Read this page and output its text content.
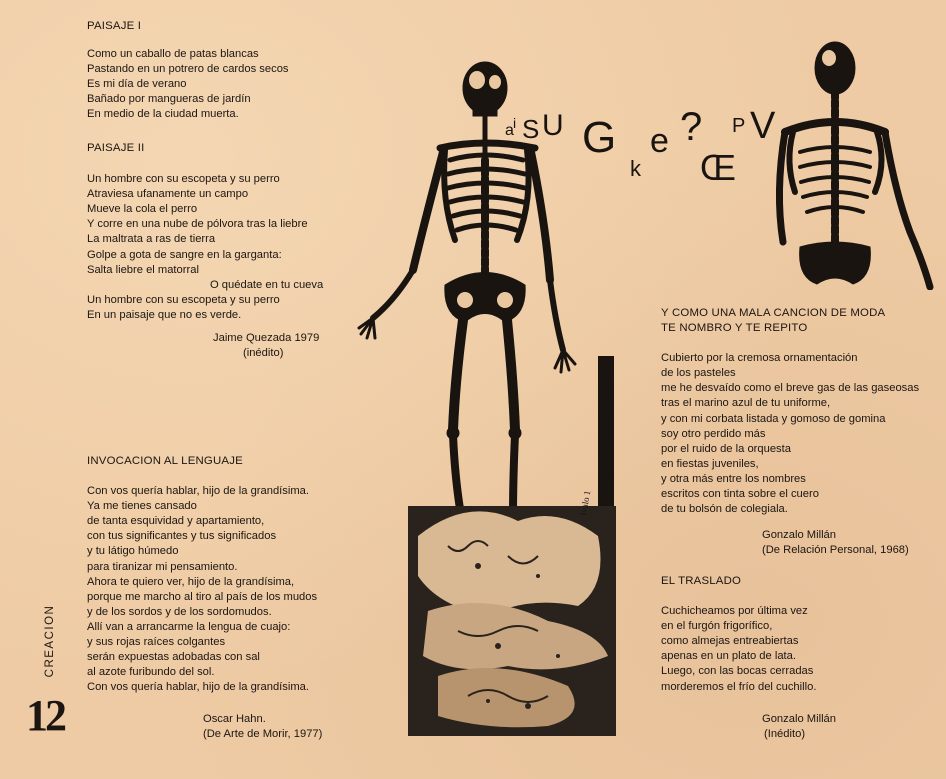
PAISAJE I
Como un caballo de patas blancas
Pastando en un potrero de cardos secos
Es mi día de verano
Bañado por mangueras de jardín
En medio de la ciudad muerta.
PAISAJE II
Un hombre con su escopeta y su perro
Atraviesa ufanamente un campo
Mueve la cola el perro
Y corre en una nube de pólvora tras la liebre
La maltrata a ras de tierra
Golpe a gota de sangre en la garganta:
Salta liebre el matorral
O quédate en tu cueva
Un hombre con su escopeta y su perro
En un paisaje que no es verde.
Jaime Quezada 1979
(inédito)
INVOCACION AL LENGUAJE
Con vos quería hablar, hijo de la grandísima.
Ya me tienes cansado
de tanta esquividad y apartamiento,
con tus significantes y tus significados
y tu látigo húmedo
para tiranizar mi pensamiento.
Ahora te quiero ver, hijo de la grandísima,
porque me marcho al tiro al país de los mudos
y de los sordos y de los sordomudos.
Allí van a arrancarme la lengua de cuajo:
y sus rojas raíces colgantes
serán expuestas adobadas con sal
al azote furibundo del sol.
Con vos quería hablar, hijo de la grandísima.
Oscar Hahn.
(De Arte de Morir, 1977)
Y COMO UNA MALA CANCION DE MODA
TE NOMBRO Y TE REPITO
Cubierto por la cremosa ornamentación
de los pasteles
me he desvaído como el breve gas de las gaseosas
tras el marino azul de tu uniforme,
y con mi corbata listada y gomoso de gomina
soy otro perdido más
por el ruido de la orquesta
en fiestas juveniles,
y otra más entre los nombres
escritos con tinta sobre el cuero
de tu bolsón de colegiala.
Gonzalo Millán
(De Relación Personal, 1968)
EL TRASLADO
Cuchicheamos por última vez
en el furgón frigorífico,
como almejas entreabiertas
apenas en un plato de lata.
Luego, con las bocas cerradas
morderemos el frío del cuchillo.
Gonzalo Millán
(Inédito)
CREACION
12
a i S U G
k
e ?
Œ
P V
Ivalo 1
